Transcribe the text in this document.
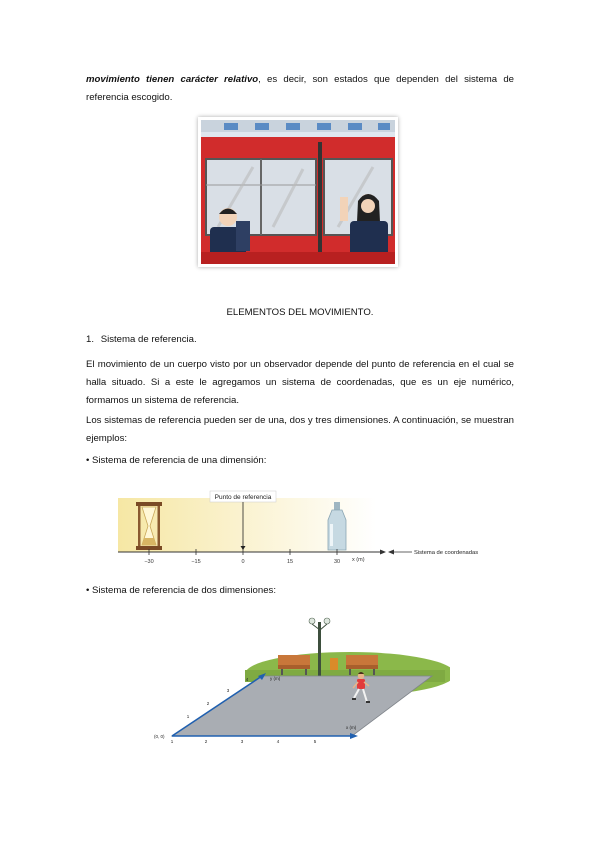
movimiento tienen carácter relativo, es decir, son estados que dependen del sistema de referencia escogido.

ELEMENTOS DEL MOVIMIENTO.
1. Sistema de referencia.

El movimiento de un cuerpo visto por un observador depende del punto de referencia en el cual se halla situado. Si a este le agregamos un sistema de coordenadas, que es un eje numérico, formamos un sistema de referencia.

Los sistemas de referencia pueden ser de una, dos y tres dimensiones. A continuación, se muestran ejemplos:

• Sistema de referencia de una dimensión:
Punto de referencia
−30	−15	0	15	30 x (m)
Sistema de coordenadas
• Sistema de referencia de dos dimensiones:
y (m)
x (m)
(0, 0)
1	2	3	4	5
1
2
3
4
